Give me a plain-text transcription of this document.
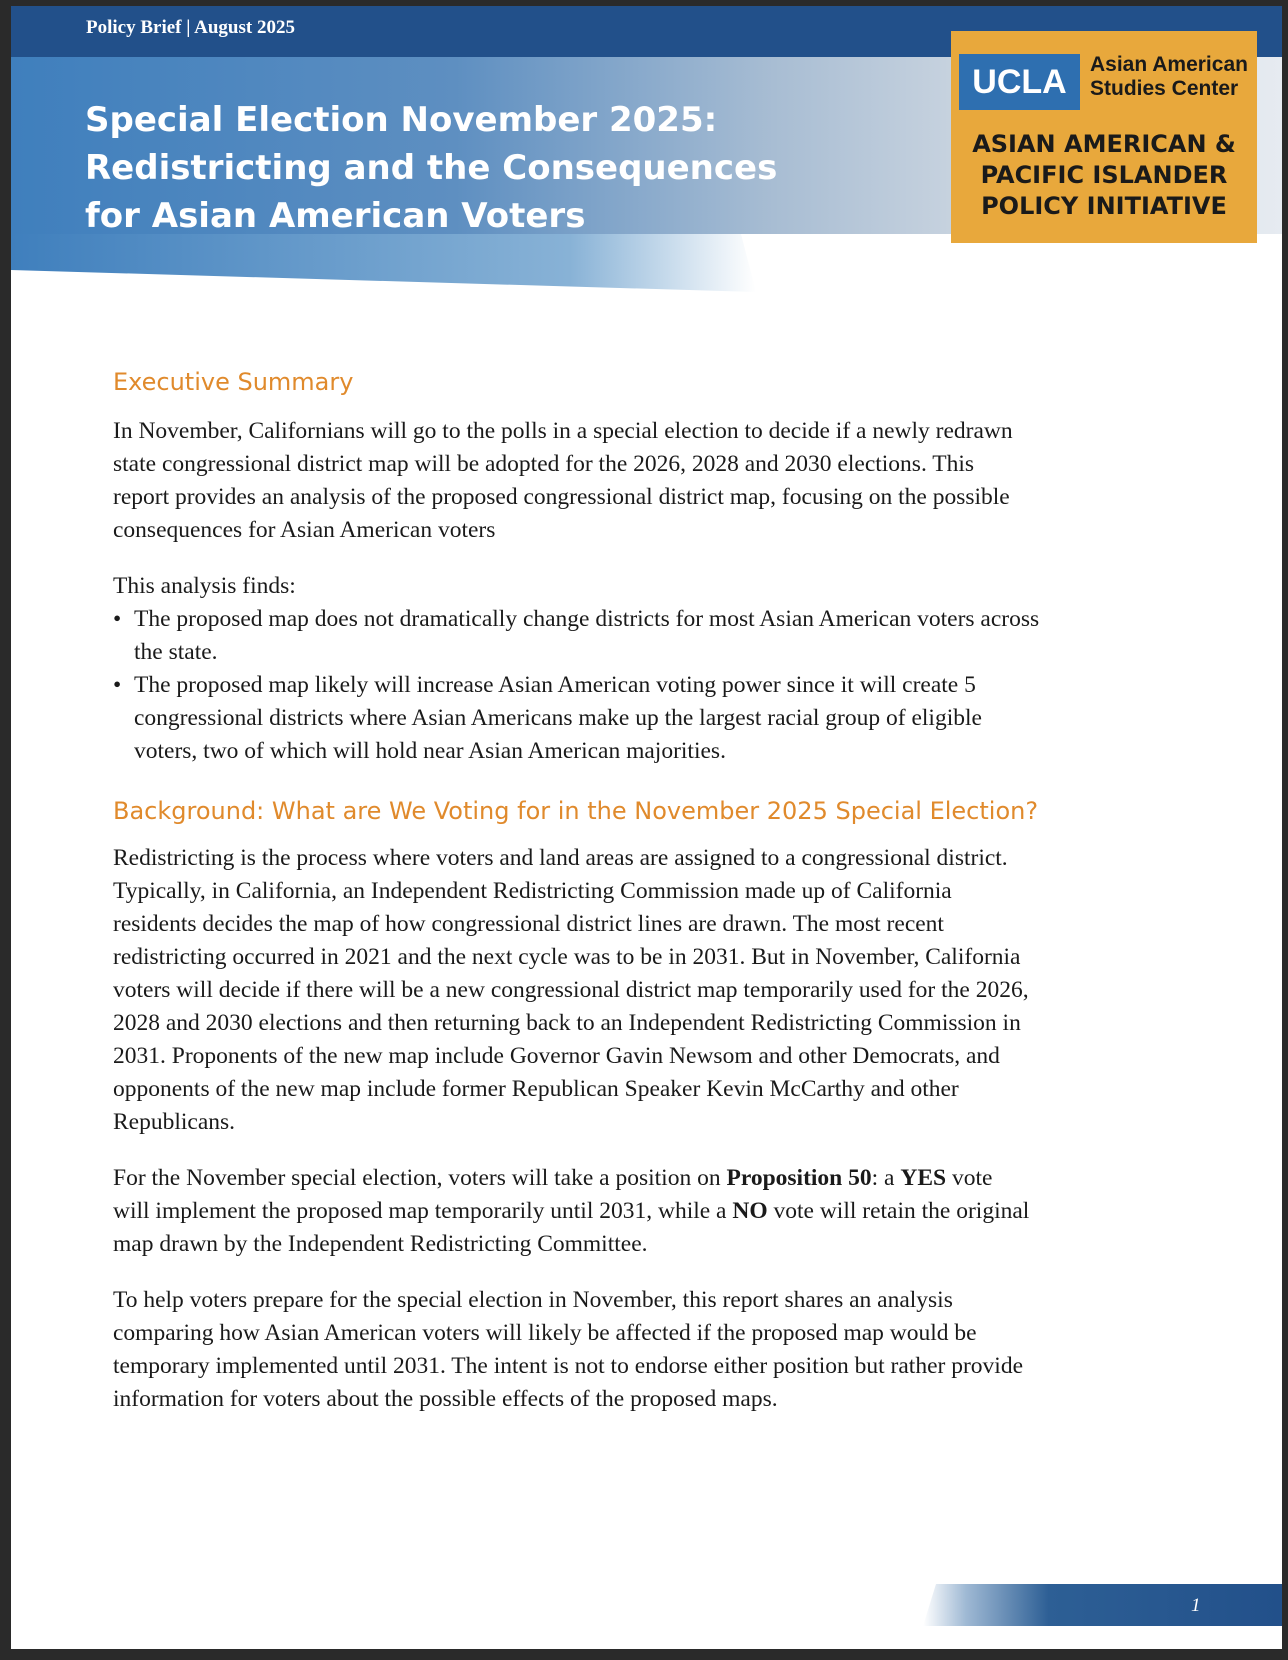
Policy Brief | August 2025
Special Election November 2025:
Redistricting and the Consequences
for Asian American Voters
UCLA	Asian American
Studies Center
ASIAN AMERICAN &
PACIFIC ISLANDER
POLICY INITIATIVE
Executive Summary

In November, Californians will go to the polls in a special election to decide if a newly redrawn
state congressional district map will be adopted for the 2026, 2028 and 2030 elections. This
report provides an analysis of the proposed congressional district map, focusing on the possible
consequences for Asian American voters

This analysis finds:

• The proposed map does not dramatically change districts for most Asian American voters across
the state.
• The proposed map likely will increase Asian American voting power since it will create 5
congressional districts where Asian Americans make up the largest racial group of eligible
voters, two of which will hold near Asian American majorities.
Background: What are We Voting for in the November 2025 Special Election?

Redistricting is the process where voters and land areas are assigned to a congressional district.
Typically, in California, an Independent Redistricting Commission made up of California
residents decides the map of how congressional district lines are drawn. The most recent
redistricting occurred in 2021 and the next cycle was to be in 2031. But in November, California
voters will decide if there will be a new congressional district map temporarily used for the 2026,
2028 and 2030 elections and then returning back to an Independent Redistricting Commission in
2031. Proponents of the new map include Governor Gavin Newsom and other Democrats, and
opponents of the new map include former Republican Speaker Kevin McCarthy and other
Republicans.

For the November special election, voters will take a position on Proposition 50: a YES vote
will implement the proposed map temporarily until 2031, while a NO vote will retain the original
map drawn by the Independent Redistricting Committee.

To help voters prepare for the special election in November, this report shares an analysis
comparing how Asian American voters will likely be affected if the proposed map would be
temporary implemented until 2031. The intent is not to endorse either position but rather provide
information for voters about the possible effects of the proposed maps.

1
